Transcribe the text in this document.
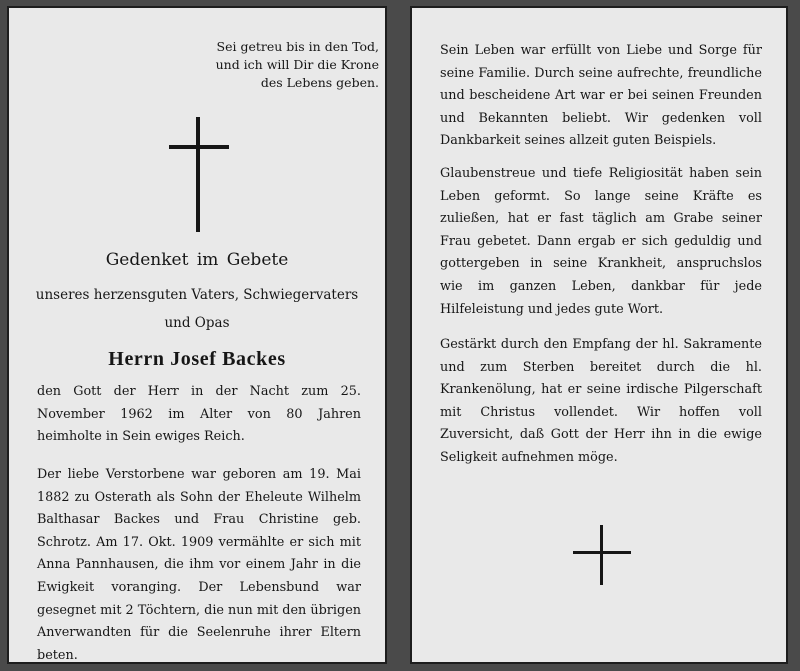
Sei getreu bis in den Tod,
und ich will Dir die Krone
des Lebens geben.
Gedenket im Gebete
unseres herzensguten Vaters, Schwiegervaters
und Opas
Herrn Josef Backes
den Gott der Herr in der Nacht zum 25. November 1962 im Alter von 80 Jahren heimholte in Sein ewiges Reich.
Der liebe Verstorbene war geboren am 19. Mai 1882 zu Osterath als Sohn der Eheleute Wilhelm Balthasar Backes und Frau Christine geb. Schrotz. Am 17. Okt. 1909 vermählte er sich mit Anna Pannhausen, die ihm vor einem Jahr in die Ewigkeit voranging. Der Lebensbund war gesegnet mit 2 Töchtern, die nun mit den übrigen Anverwandten für die Seelenruhe ihrer Eltern beten.
Sein Leben war erfüllt von Liebe und Sorge für seine Familie. Durch seine aufrechte, freundliche und bescheidene Art war er bei seinen Freunden und Bekannten beliebt. Wir gedenken voll Dankbarkeit seines allzeit guten Beispiels.
Glaubenstreue und tiefe Religiosität haben sein Leben geformt. So lange seine Kräfte es zuließen, hat er fast täglich am Grabe seiner Frau gebetet. Dann ergab er sich geduldig und gottergeben in seine Krankheit, anspruchslos wie im ganzen Leben, dankbar für jede Hilfeleistung und jedes gute Wort.
Gestärkt durch den Empfang der hl. Sakramente und zum Sterben bereitet durch die hl. Krankenölung, hat er seine irdische Pilgerschaft mit Christus vollendet. Wir hoffen voll Zuversicht, daß Gott der Herr ihn in die ewige Seligkeit aufnehmen möge.
